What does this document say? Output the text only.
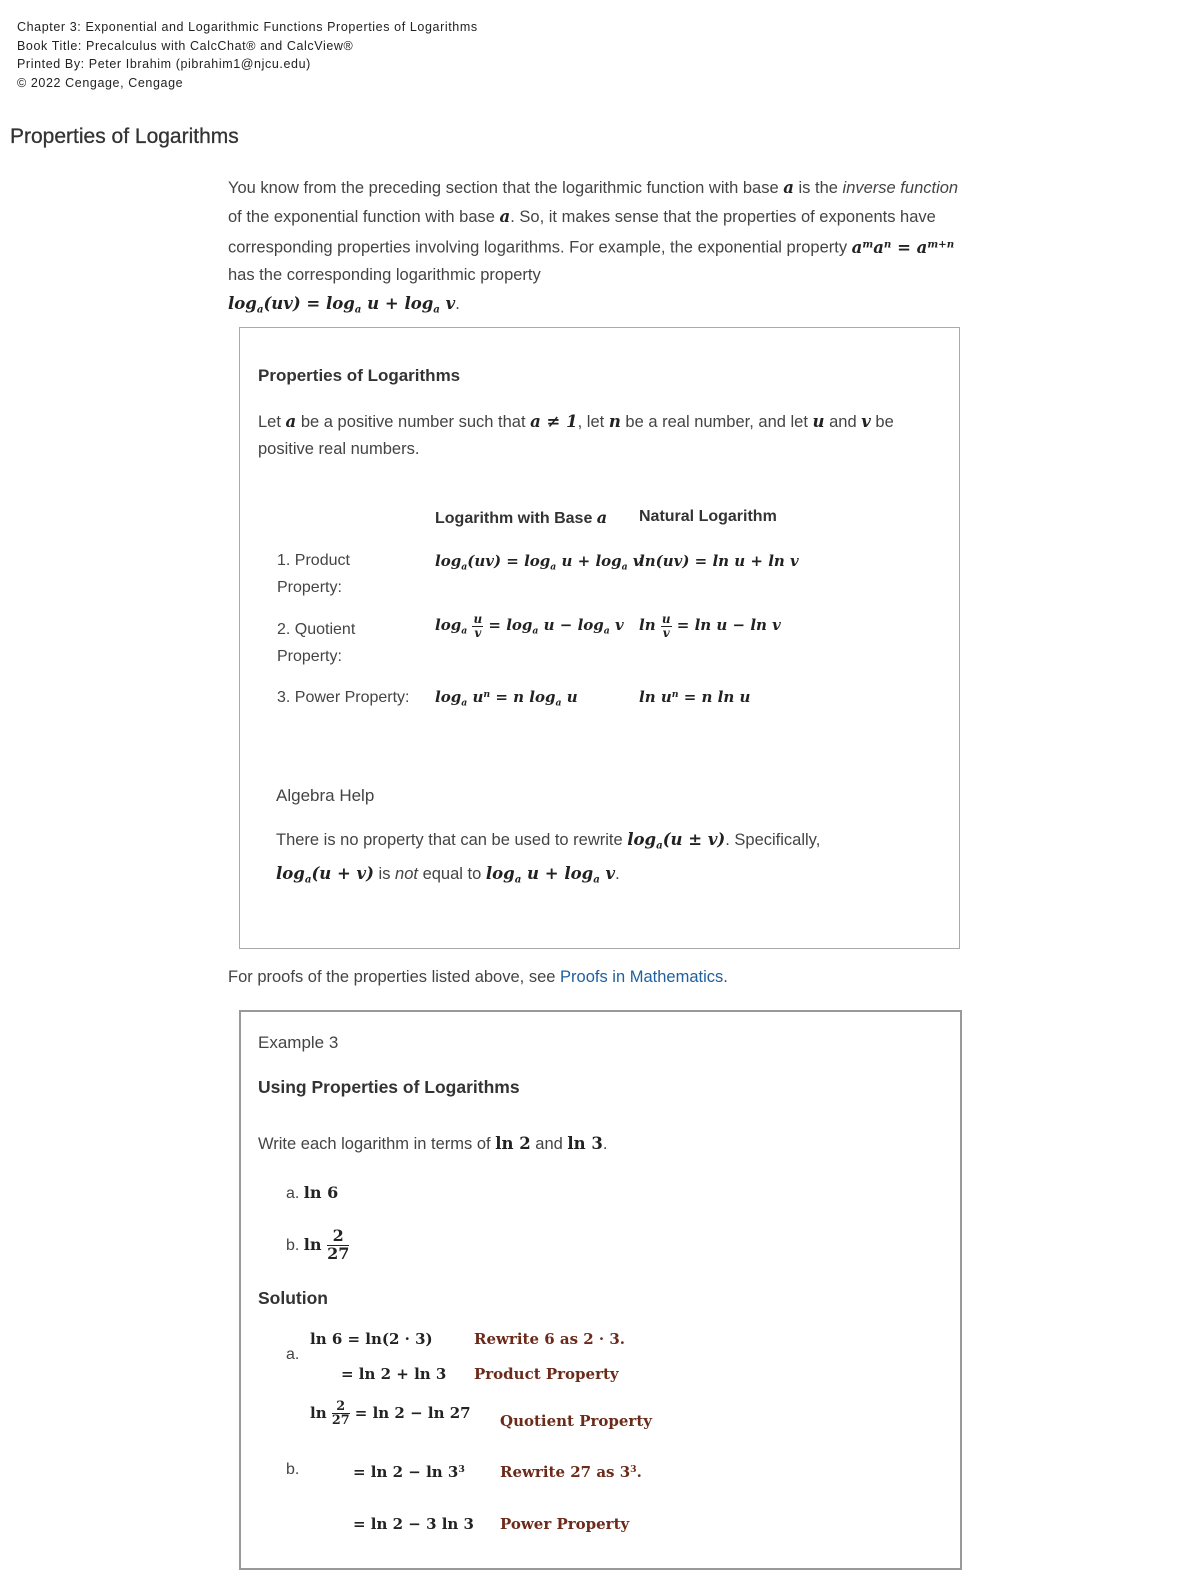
Chapter 3: Exponential and Logarithmic Functions Properties of Logarithms
Book Title: Precalculus with CalcChat® and CalcView®
Printed By: Peter Ibrahim (pibrahim1@njcu.edu)
© 2022 Cengage, Cengage
Properties of Logarithms
You know from the preceding section that the logarithmic function with base a is the inverse function of the exponential function with base a. So, it makes sense that the properties of exponents have corresponding properties involving logarithms. For example, the exponential property $a^ma^n = a^{m+n}$ has the corresponding logarithmic property
$\log_a(uv) = \log_a u + \log_a v$.
Properties of Logarithms
Let a be a positive number such that a ≠ 1, let n be a real number, and let u and v be positive real numbers.
Logarithm with Base a Natural Logarithm
1. Product Property:
2. Quotient Property:
3. Power Property:
$\log_a(uv) = \log_a u + \log_a v$
ln(uv) = ln u + ln v
$\log_a \frac{u}{v} = \log_a u - \log_a v$ $\ln \frac{u}{v} = \ln u - \ln v$
$\log_a u^n = n$ $\log_a u$	$\ln u^n = n$ ln u
Algebra Help
There is no property that can be used to rewrite $\log_a(u \pm v)$. Specifically,
$\log_a(u + v)$ is not equal to $\log_a u + \log_a v$.
For proofs of the properties listed above, see Proofs in Mathematics.
Example 3
Using Properties of Logarithms
Write each logarithm in terms of ln 2 and ln 3.
a. ln 6
b. $\ln \frac{2}{27}$
Solution
a.
ln 6 = ln(2 · 3)
= ln 2 + ln 3
Rewrite 6 as 2 · 3.
Product Property
b.
$\ln \frac{2}{27} = \ln 2 - \ln 27$
= $\ln 2 - \ln 3^3$
= ln 2 − 3 ln 3
Quotient Property
Rewrite 27 as $3^3$.
Power Property
